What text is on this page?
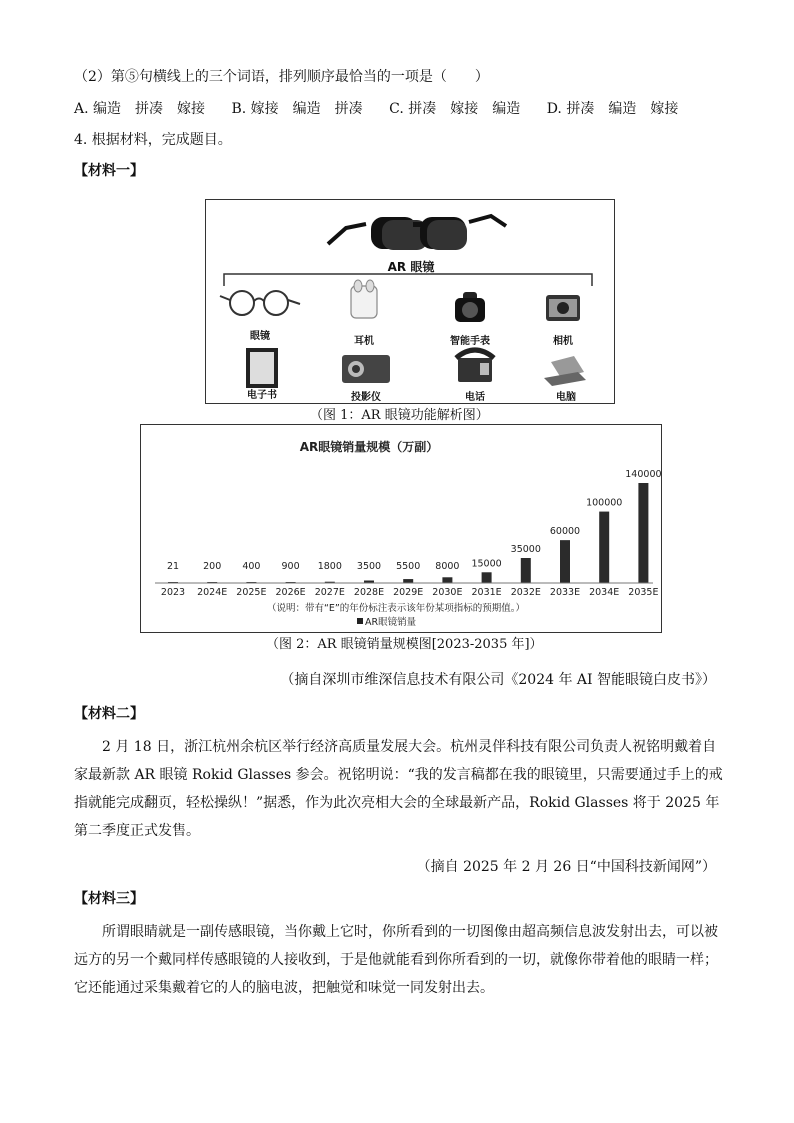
（2）第⑤句横线上的三个词语，排列顺序最恰当的一项是（　　）
A. 编造　拼凑　嫁接 B. 嫁接　编造　拼凑 C. 拼凑　嫁接　编造 D. 拼凑　编造　嫁接
4. 根据材料，完成题目。
【材料一】
AR 眼镜
眼镜	耳机	智能手表	相机
电子书	投影仪	电话	电脑
（图 1：AR 眼镜功能解析图）
AR眼镜销量规模（万副）
21	200 400 900 1800 3500 5500 8000 15000
35000
60000
100000
140000
2023 2024E 2025E 2026E 2027E 2028E 2029E 2030E 2031E 2032E 2033E 2034E 2035E
（说明：带有“E”的年份标注表示该年份某项指标的预期值。）
AR眼镜销量
（图 2：AR 眼镜销量规模图[2023-2035 年]）
（摘自深圳市维深信息技术有限公司《2024 年 AI 智能眼镜白皮书》）
【材料二】

2 月 18 日，浙江杭州余杭区举行经济高质量发展大会。杭州灵伴科技有限公司负责人祝铭明戴着自家最新款 AR 眼镜 Rokid Glasses 参会。祝铭明说：“我的发言稿都在我的眼镜里，只需要通过手上的戒指就能完成翻页，轻松操纵！”据悉，作为此次亮相大会的全球最新产品，Rokid Glasses 将于 2025 年第二季度正式发售。

（摘自 2025 年 2 月 26 日“中国科技新闻网”）
【材料三】

所谓眼睛就是一副传感眼镜，当你戴上它时，你所看到的一切图像由超高频信息波发射出去，可以被远方的另一个戴同样传感眼镜的人接收到，于是他就能看到你所看到的一切，就像你带着他的眼睛一样；它还能通过采集戴着它的人的脑电波，把触觉和味觉一同发射出去。
